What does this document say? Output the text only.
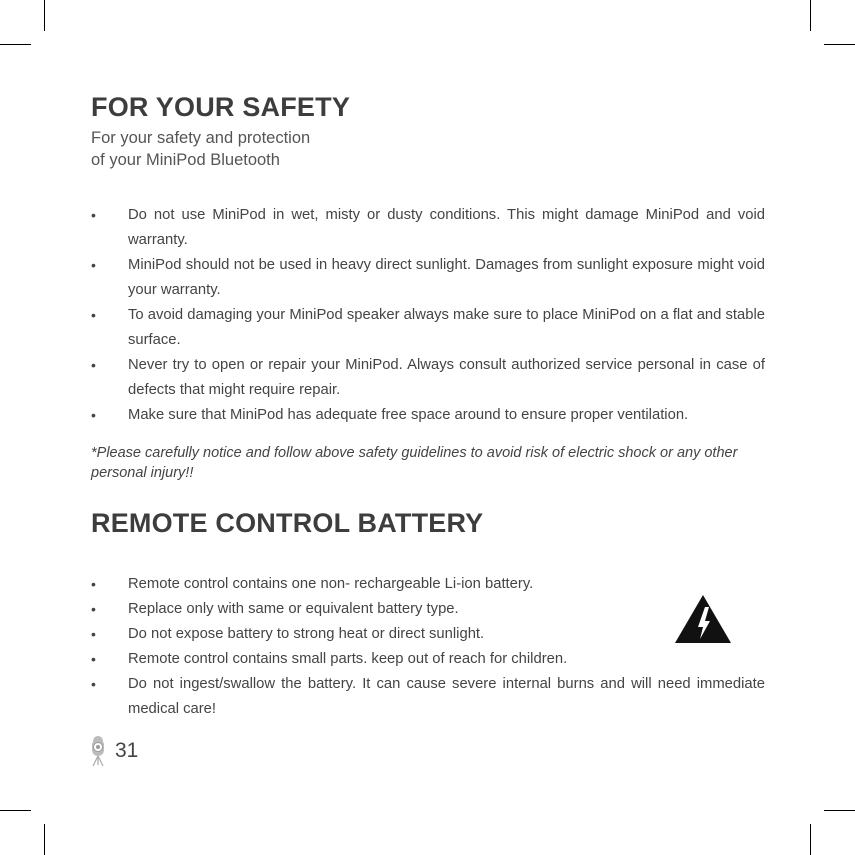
FOR YOUR SAFETY
For your safety and protection
of your MiniPod Bluetooth
•	Do not use MiniPod in wet, misty or dusty conditions. This might damage MiniPod and void warranty.
•	MiniPod should not be used in heavy direct sunlight. Damages from sunlight exposure might void your warranty.
•	To avoid damaging your MiniPod speaker always make sure to place MiniPod on a flat and stable surface.
•	Never try to open or repair your MiniPod. Always consult authorized service personal in case of defects that might require repair.
•	Make sure that MiniPod has adequate free space around to ensure proper ventilation.
*Please carefully notice and follow above safety guidelines to avoid risk of electric shock or any other personal injury!!
REMOTE CONTROL BATTERY
•	Remote control contains one non- rechargeable Li-ion battery.
•	Replace only with same or equivalent battery type.
•	Do not expose battery to strong heat or direct sunlight.
•	Remote control contains small parts. keep out of reach for children.
•	Do not ingest/swallow the battery. It can cause severe internal burns and will need immediate medical care!
31
